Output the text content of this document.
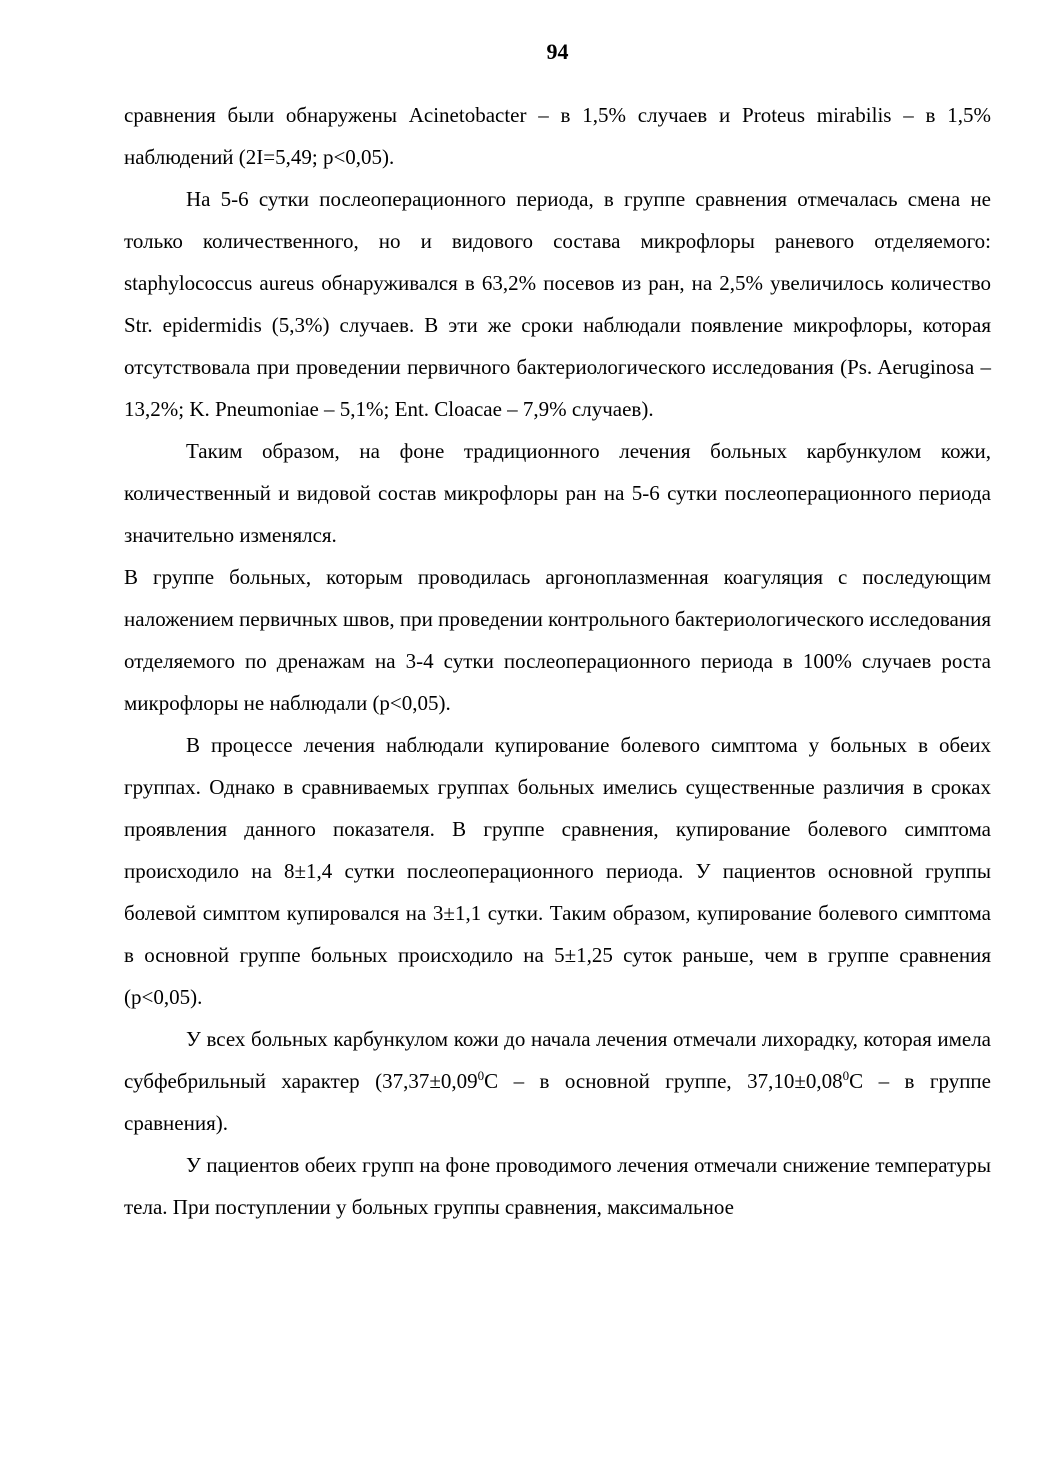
94

сравнения были обнаружены Acinetobacter – в 1,5% случаев и Proteus mirabilis – в 1,5% наблюдений (2I=5,49; p<0,05).

На 5-6 сутки послеоперационного периода, в группе сравнения отмечалась смена не только количественного, но и видового состава микрофлоры раневого отделяемого: staphylococcus aureus обнаруживался в 63,2% посевов из ран, на 2,5% увеличилось количество Str. epidermidis (5,3%) случаев. В эти же сроки наблюдали появление микрофлоры, которая отсутствовала при проведении первичного бактериологического исследования (Ps. Aeruginosa – 13,2%; K. Pneumoniae – 5,1%; Ent. Cloacae – 7,9% случаев).

Таким образом, на фоне традиционного лечения больных карбункулом кожи, количественный и видовой состав микрофлоры ран на 5-6 сутки послеоперационного периода значительно изменялся.

В группе больных, которым проводилась аргоноплазменная коагуляция с последующим наложением первичных швов, при проведении контрольного бактериологического исследования отделяемого по дренажам на 3-4 сутки послеоперационного периода в 100% случаев роста микрофлоры не наблюдали (p<0,05).

В процессе лечения наблюдали купирование болевого симптома у больных в обеих группах. Однако в сравниваемых группах больных имелись существенные различия в сроках проявления данного показателя. В группе сравнения, купирование болевого симптома происходило на 8±1,4 сутки послеоперационного периода. У пациентов основной группы болевой симптом купировался на 3±1,1 сутки. Таким образом, купирование болевого симптома в основной группе больных происходило на 5±1,25 суток раньше, чем в группе сравнения (p<0,05).

У всех больных карбункулом кожи до начала лечения отмечали лихорадку, которая имела субфебрильный характер ($37,37\pm 0,09^0С - в$ основной группе, $37,10\pm 0,08^0С - в$ группе сравнения).

У пациентов обеих групп на фоне проводимого лечения отмечали снижение температуры тела. При поступлении у больных группы сравнения, максимальное
